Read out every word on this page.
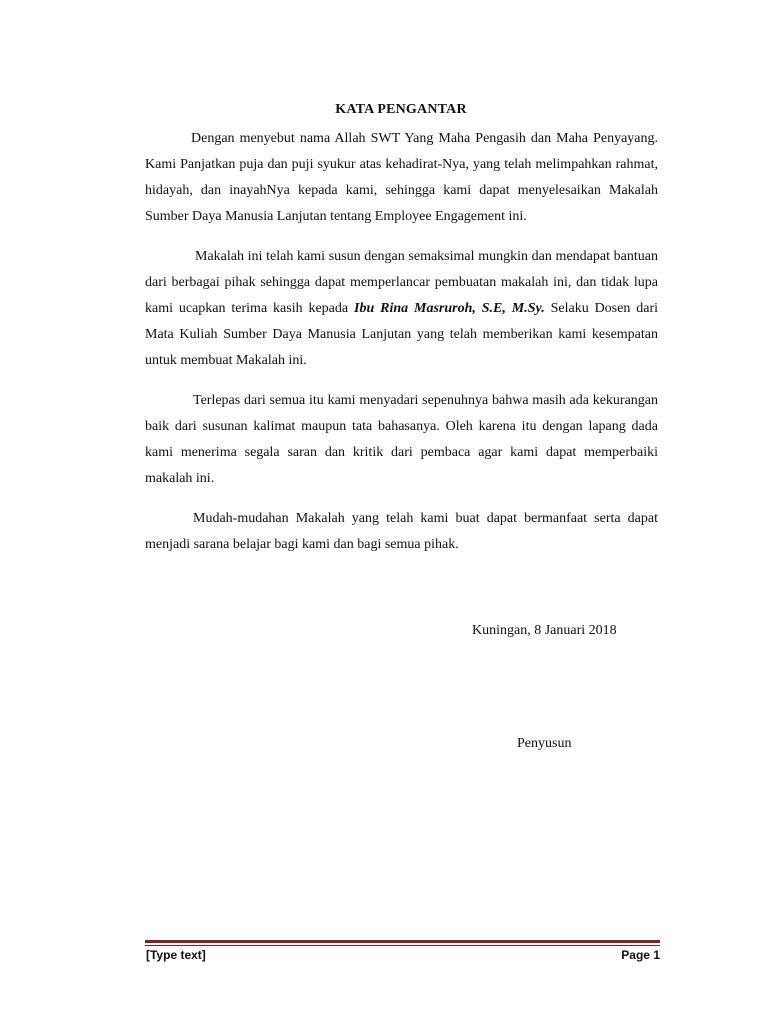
KATA PENGANTAR

Dengan menyebut nama Allah SWT Yang Maha Pengasih dan Maha Penyayang. Kami Panjatkan puja dan puji syukur atas kehadirat-Nya, yang telah melimpahkan rahmat, hidayah, dan inayahNya kepada kami, sehingga kami dapat menyelesaikan Makalah Sumber Daya Manusia Lanjutan tentang Employee Engagement ini.

Makalah ini telah kami susun dengan semaksimal mungkin dan mendapat bantuan dari berbagai pihak sehingga dapat memperlancar pembuatan makalah ini, dan tidak lupa kami ucapkan terima kasih kepada Ibu Rina Masruroh, S.E, M.Sy. Selaku Dosen dari Mata Kuliah Sumber Daya Manusia Lanjutan yang telah memberikan kami kesempatan untuk membuat Makalah ini.

Terlepas dari semua itu kami menyadari sepenuhnya bahwa masih ada kekurangan baik dari susunan kalimat maupun tata bahasanya. Oleh karena itu dengan lapang dada kami menerima segala saran dan kritik dari pembaca agar kami dapat memperbaiki makalah ini.

Mudah-mudahan Makalah yang telah kami buat dapat bermanfaat serta dapat menjadi sarana belajar bagi kami dan bagi semua pihak.

Kuningan, 8 Januari 2018
Penyusun
[Type text]	Page 1
